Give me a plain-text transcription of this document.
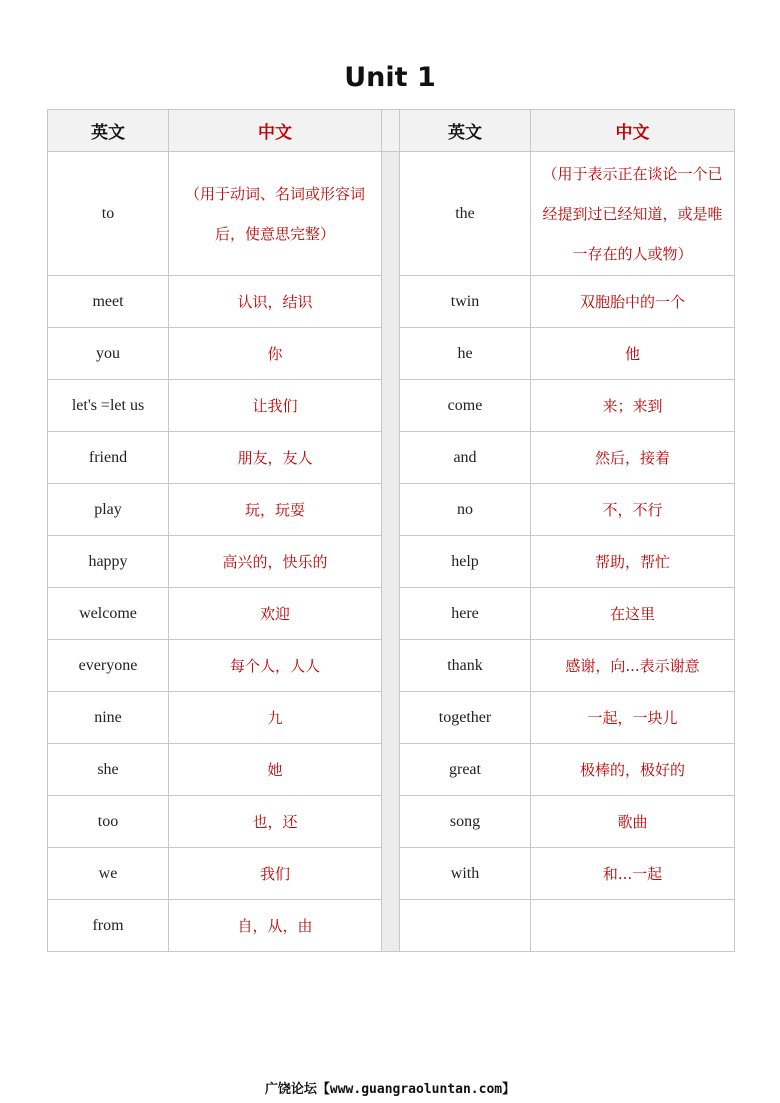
Unit 1
英文	中文		英文	中文
to	（用于动词、名词或形容词后，使意思完整）		the	（用于表示正在谈论一个已经提到过已经知道，或是唯一存在的人或物）
meet	认识，结识		twin	双胞胎中的一个
you	你		he	他
let's =let us	让我们		come	来；来到
friend	朋友，友人		and	然后，接着
play	玩，玩耍		no	不，不行
happy	高兴的，快乐的		help	帮助，帮忙
welcome	欢迎		here	在这里
everyone	每个人，人人		thank	感谢，向...表示谢意
nine	九		together	一起，一块儿
she	她		great	极棒的，极好的
too	也，还		song	歌曲
we	我们		with	和...一起
from	自，从，由			
广饶论坛【www.guangraoluntan.com】
